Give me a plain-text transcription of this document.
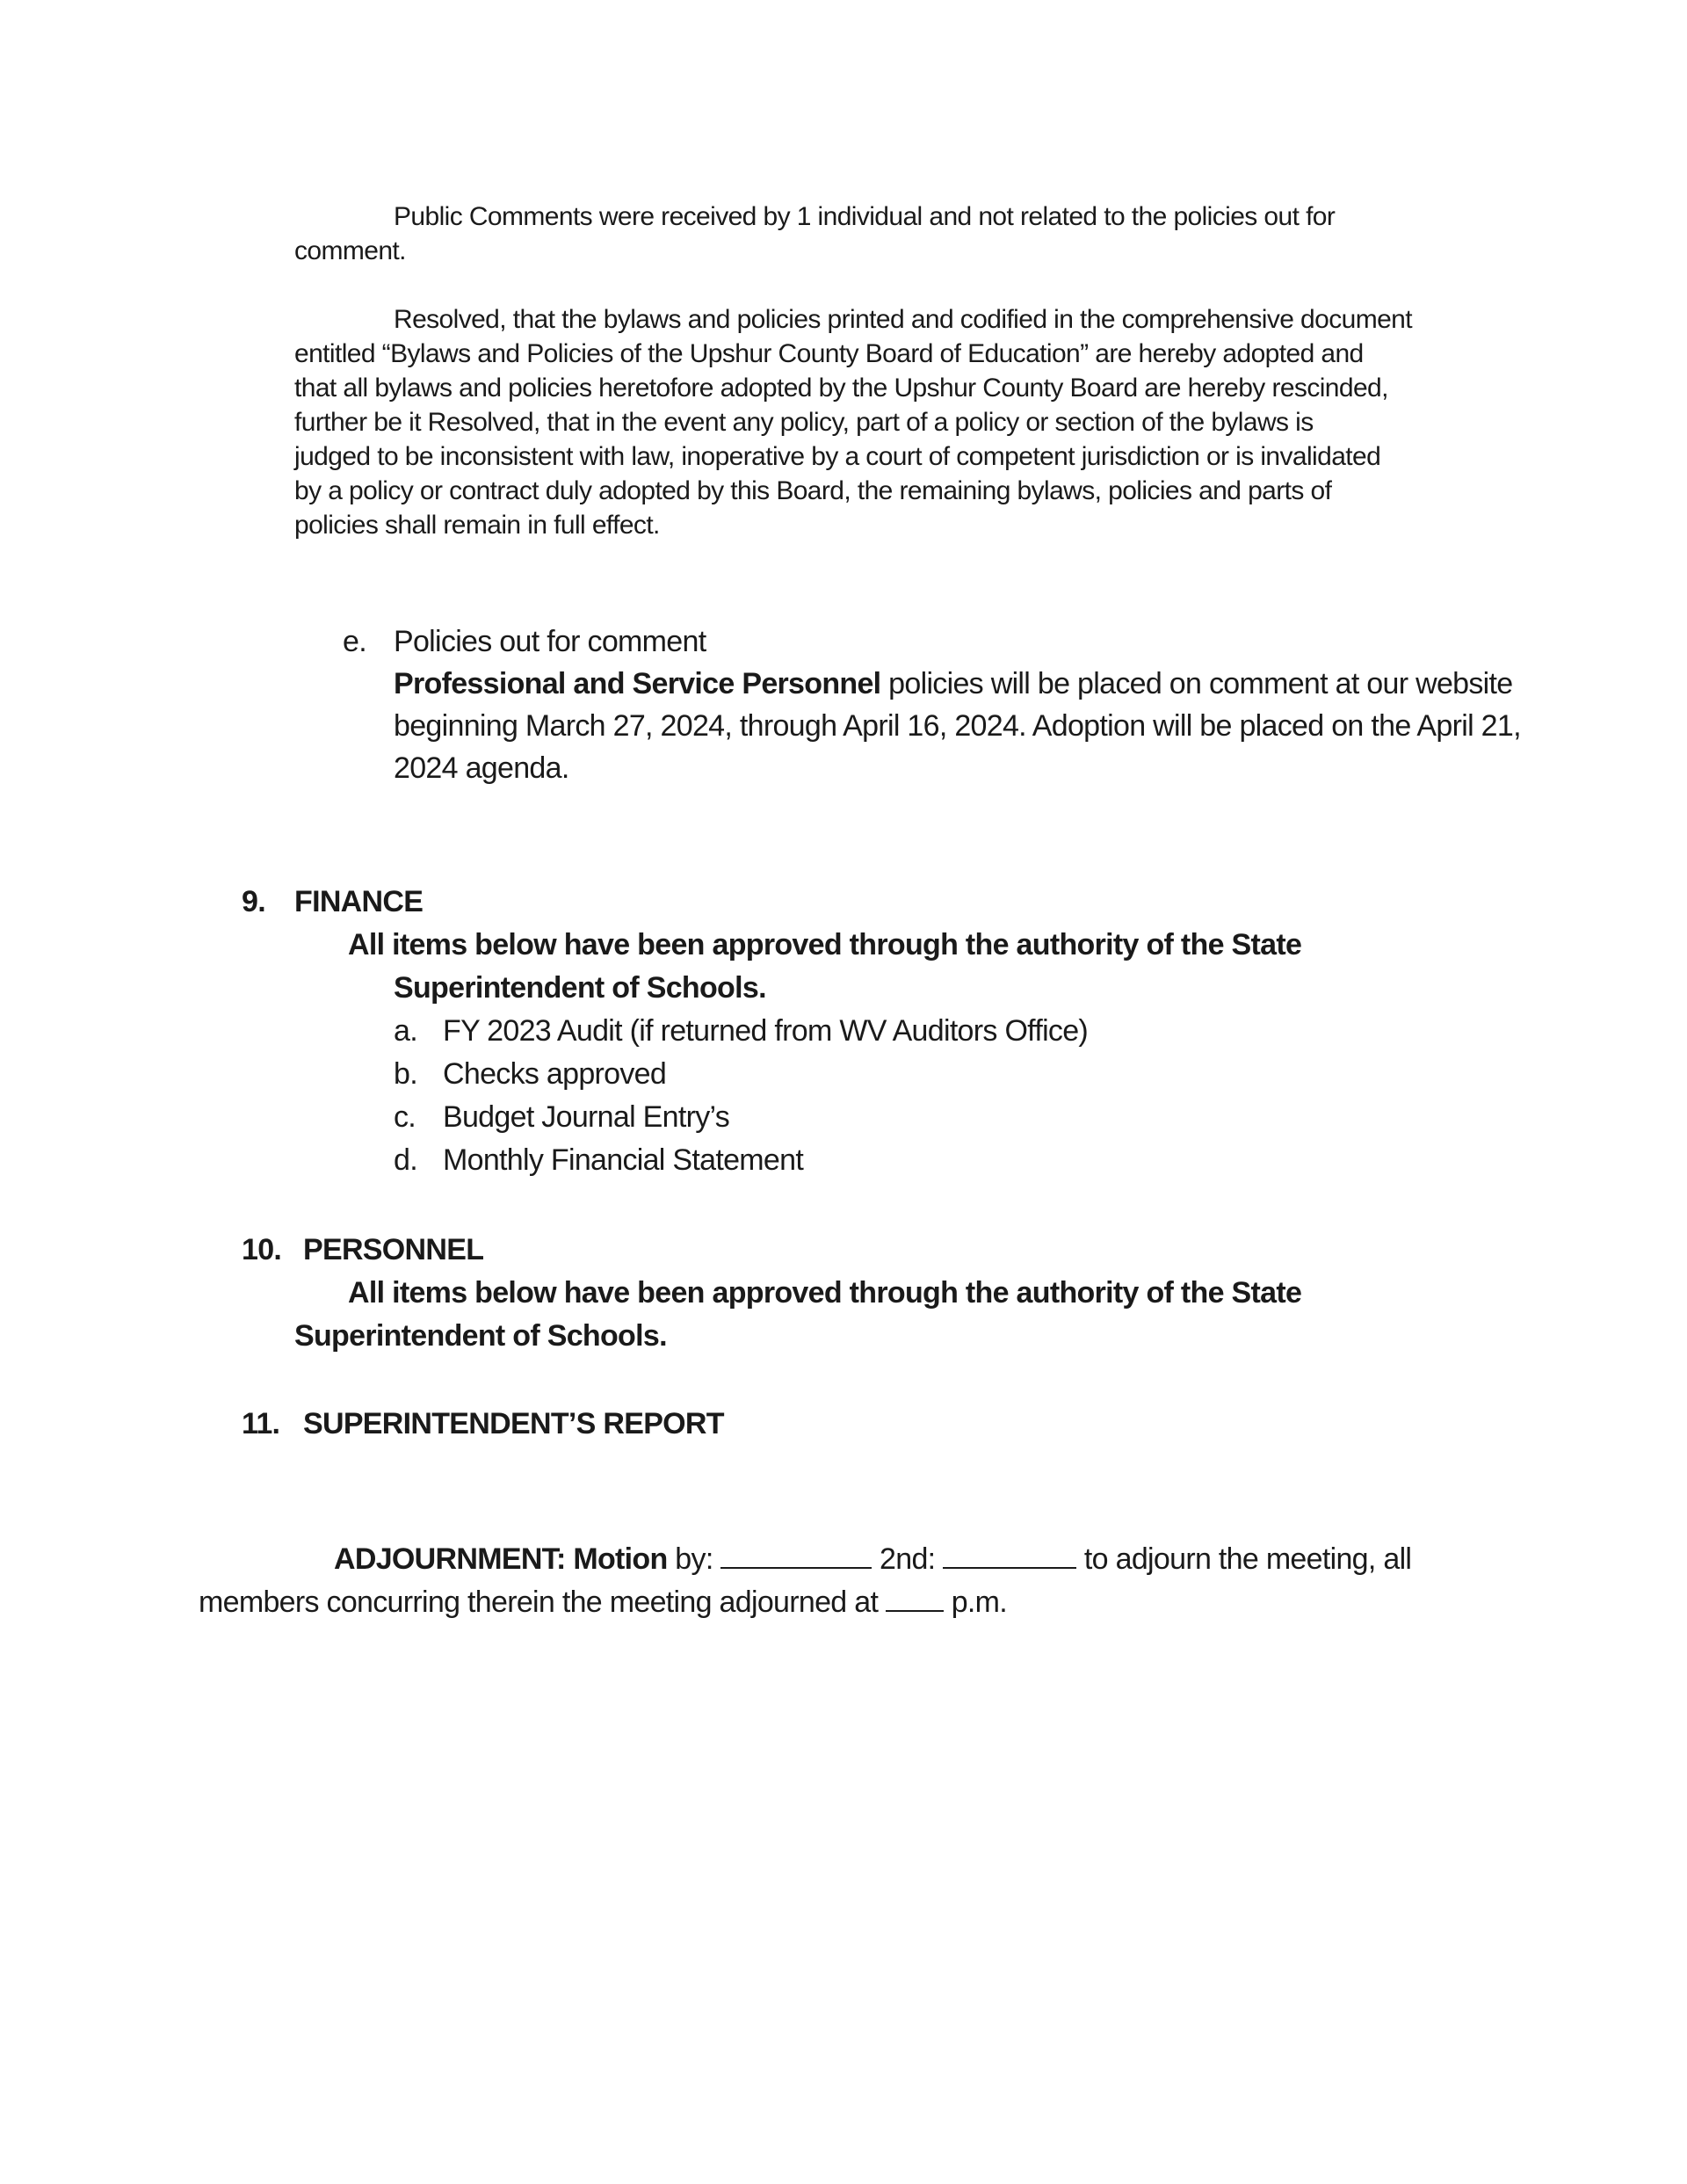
Public Comments were received by 1 individual and not related to the policies out for
comment.
Resolved, that the bylaws and policies printed and codified in the comprehensive document
entitled “Bylaws and Policies of the Upshur County Board of Education” are hereby adopted and
that all bylaws and policies heretofore adopted by the Upshur County Board are hereby rescinded,
further be it Resolved, that in the event any policy, part of a policy or section of the bylaws is
judged to be inconsistent with law, inoperative by a court of competent jurisdiction or is invalidated
by a policy or contract duly adopted by this Board, the remaining bylaws, policies and parts of
policies shall remain in full effect.
e. Policies out for comment
Professional and Service Personnel policies will be placed on comment at our website
beginning March 27, 2024, through April 16, 2024. Adoption will be placed on the April 21,
2024 agenda.
9. FINANCE
All items below have been approved through the authority of the State
Superintendent of Schools.
a. FY 2023 Audit (if returned from WV Auditors Office)
b. Checks approved
c. Budget Journal Entry’s
d. Monthly Financial Statement
10. PERSONNEL
All items below have been approved through the authority of the State
Superintendent of Schools.
11. SUPERINTENDENT’S REPORT
ADJOURNMENT: Motion by:	2nd:	to adjourn the meeting, all
members concurring therein the meeting adjourned at  p.m.
